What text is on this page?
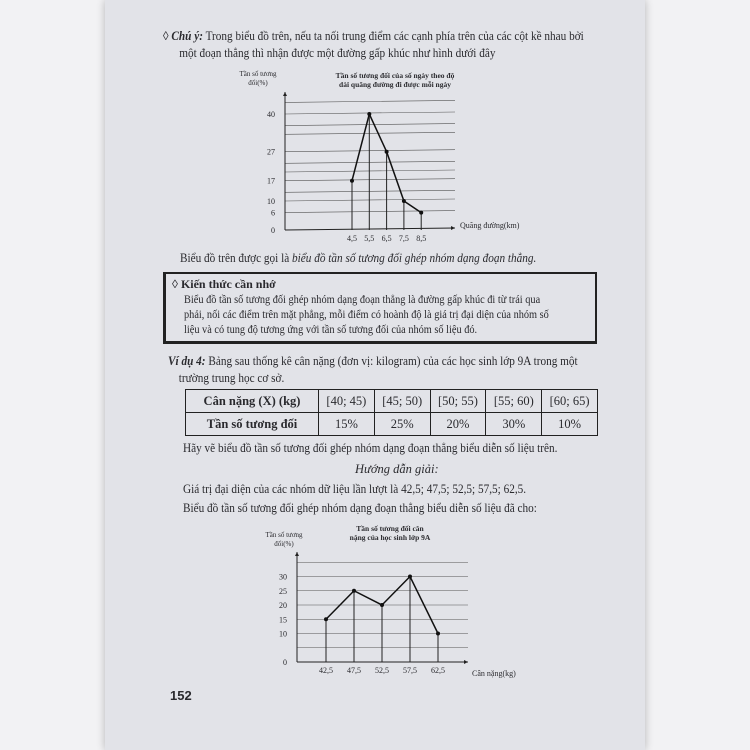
◊ Chú ý: Trong biểu đồ trên, nếu ta nối trung điểm các cạnh phía trên của các cột kề nhau bởi
một đoạn thẳng thì nhận được một đường gấp khúc như hình dưới đây
0
6
10
17
27
40
Tần số tương
đối(%)
Tần số tương đối của số ngày theo độ
dài quãng đường đi được mỗi ngày
Quãng đường(km)
4,5 5,5 6,5 7,5 8,5
Biểu đồ trên được gọi là biểu đồ tần số tương đối ghép nhóm dạng đoạn thẳng.
◊ Kiến thức cần nhớ
Biểu đồ tần số tương đối ghép nhóm dạng đoạn thẳng là đường gấp khúc đi từ trái qua
phải, nối các điểm trên mặt phẳng, mỗi điểm có hoành độ là giá trị đại diện của nhóm số
liệu và có tung độ tương ứng với tần số tương đối của nhóm số liệu đó.
Ví dụ 4: Bảng sau thống kê cân nặng (đơn vị: kilogram) của các học sinh lớp 9A trong một
trường trung học cơ sở.
Cân nặng (X) (kg)	[40; 45)	[45; 50)	[50; 55)	[55; 60)	[60; 65)
Tần số tương đối	15%	25%	20%	30%	10%
Hãy vẽ biểu đồ tần số tương đối ghép nhóm dạng đoạn thẳng biểu diễn số liệu trên.
Hướng dẫn giải:
Giá trị đại diện của các nhóm dữ liệu lần lượt là 42,5; 47,5; 52,5; 57,5; 62,5.
Biểu đồ tần số tương đối ghép nhóm dạng đoạn thẳng biểu diễn số liệu đã cho:
0
10
15
20
25
30
Tần số tương
đối(%)
Tần số tương đối cân
nặng của học sinh lớp 9A
Cân nặng(kg)
42,5 47,5 52,5 57,5 62,5
152
